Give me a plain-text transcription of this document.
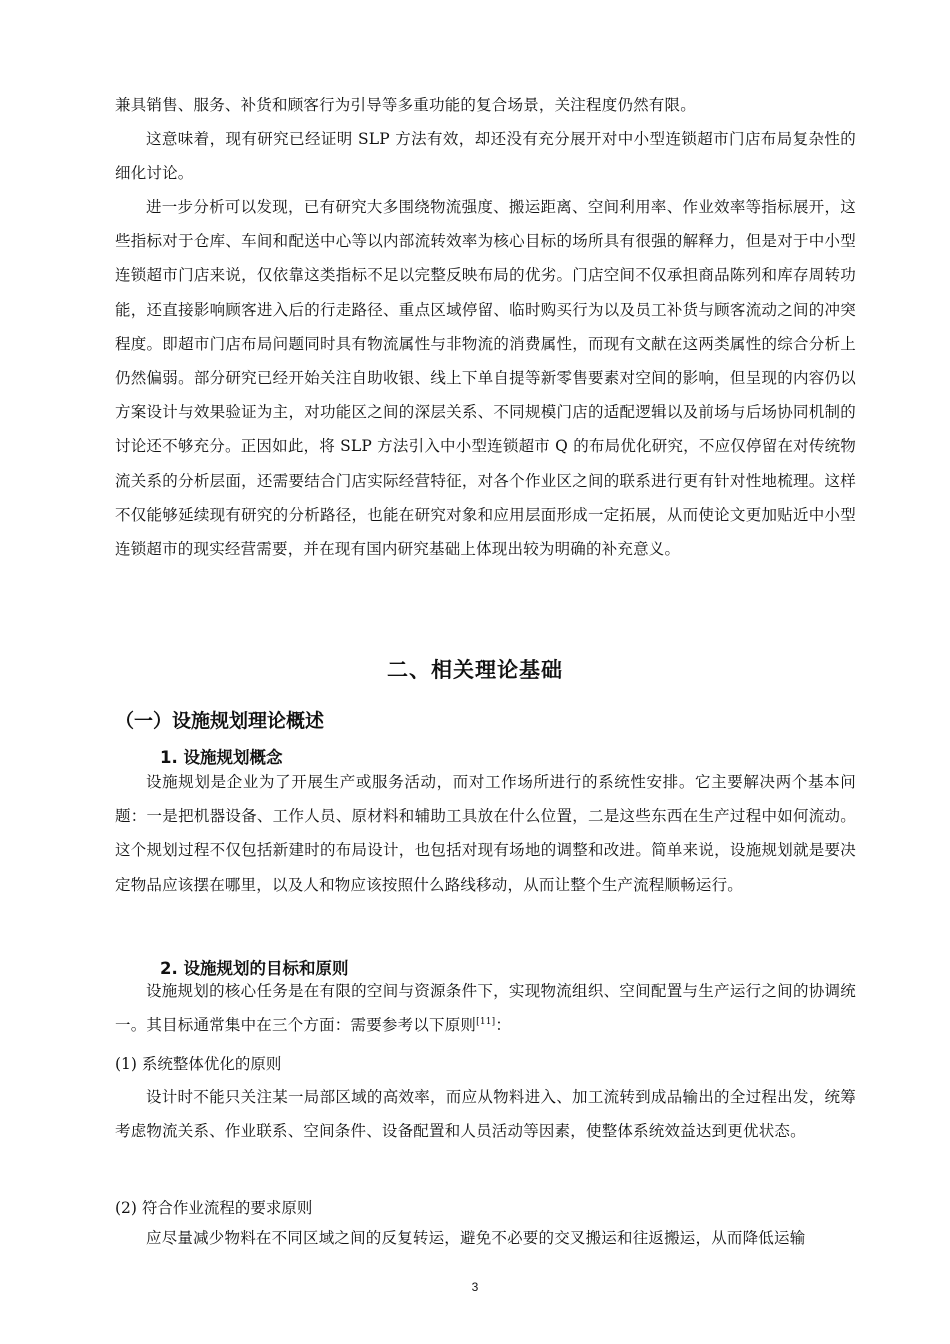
兼具销售、服务、补货和顾客行为引导等多重功能的复合场景，关注程度仍然有限。

这意味着，现有研究已经证明 SLP 方法有效，却还没有充分展开对中小型连锁超市门店布局复杂性的细化讨论。

进一步分析可以发现，已有研究大多围绕物流强度、搬运距离、空间利用率、作业效率等指标展开，这些指标对于仓库、车间和配送中心等以内部流转效率为核心目标的场所具有很强的解释力，但是对于中小型连锁超市门店来说，仅依靠这类指标不足以完整反映布局的优劣。门店空间不仅承担商品陈列和库存周转功能，还直接影响顾客进入后的行走路径、重点区域停留、临时购买行为以及员工补货与顾客流动之间的冲突程度。即超市门店布局问题同时具有物流属性与非物流的消费属性，而现有文献在这两类属性的综合分析上仍然偏弱。部分研究已经开始关注自助收银、线上下单自提等新零售要素对空间的影响，但呈现的内容仍以方案设计与效果验证为主，对功能区之间的深层关系、不同规模门店的适配逻辑以及前场与后场协同机制的讨论还不够充分。正因如此，将 SLP 方法引入中小型连锁超市 Q 的布局优化研究，不应仅停留在对传统物流关系的分析层面，还需要结合门店实际经营特征，对各个作业区之间的联系进行更有针对性地梳理。这样不仅能够延续现有研究的分析路径，也能在研究对象和应用层面形成一定拓展，从而使论文更加贴近中小型连锁超市的现实经营需要，并在现有国内研究基础上体现出较为明确的补充意义。

二、相关理论基础
（一）设施规划理论概述
1. 设施规划概念

设施规划是企业为了开展生产或服务活动，而对工作场所进行的系统性安排。它主要解决两个基本问题：一是把机器设备、工作人员、原材料和辅助工具放在什么位置，二是这些东西在生产过程中如何流动。这个规划过程不仅包括新建时的布局设计，也包括对现有场地的调整和改进。简单来说，设施规划就是要决定物品应该摆在哪里，以及人和物应该按照什么路线移动，从而让整个生产流程顺畅运行。

2. 设施规划的目标和原则

设施规划的核心任务是在有限的空间与资源条件下，实现物流组织、空间配置与生产运行之间的协调统一。其目标通常集中在三个方面：需要参考以下原则[11]：

(1) 系统整体优化的原则

设计时不能只关注某一局部区域的高效率，而应从物料进入、加工流转到成品输出的全过程出发，统筹考虑物流关系、作业联系、空间条件、设备配置和人员活动等因素，使整体系统效益达到更优状态。

(2) 符合作业流程的要求原则

应尽量减少物料在不同区域之间的反复转运，避免不必要的交叉搬运和往返搬运，从而降低运输

3
